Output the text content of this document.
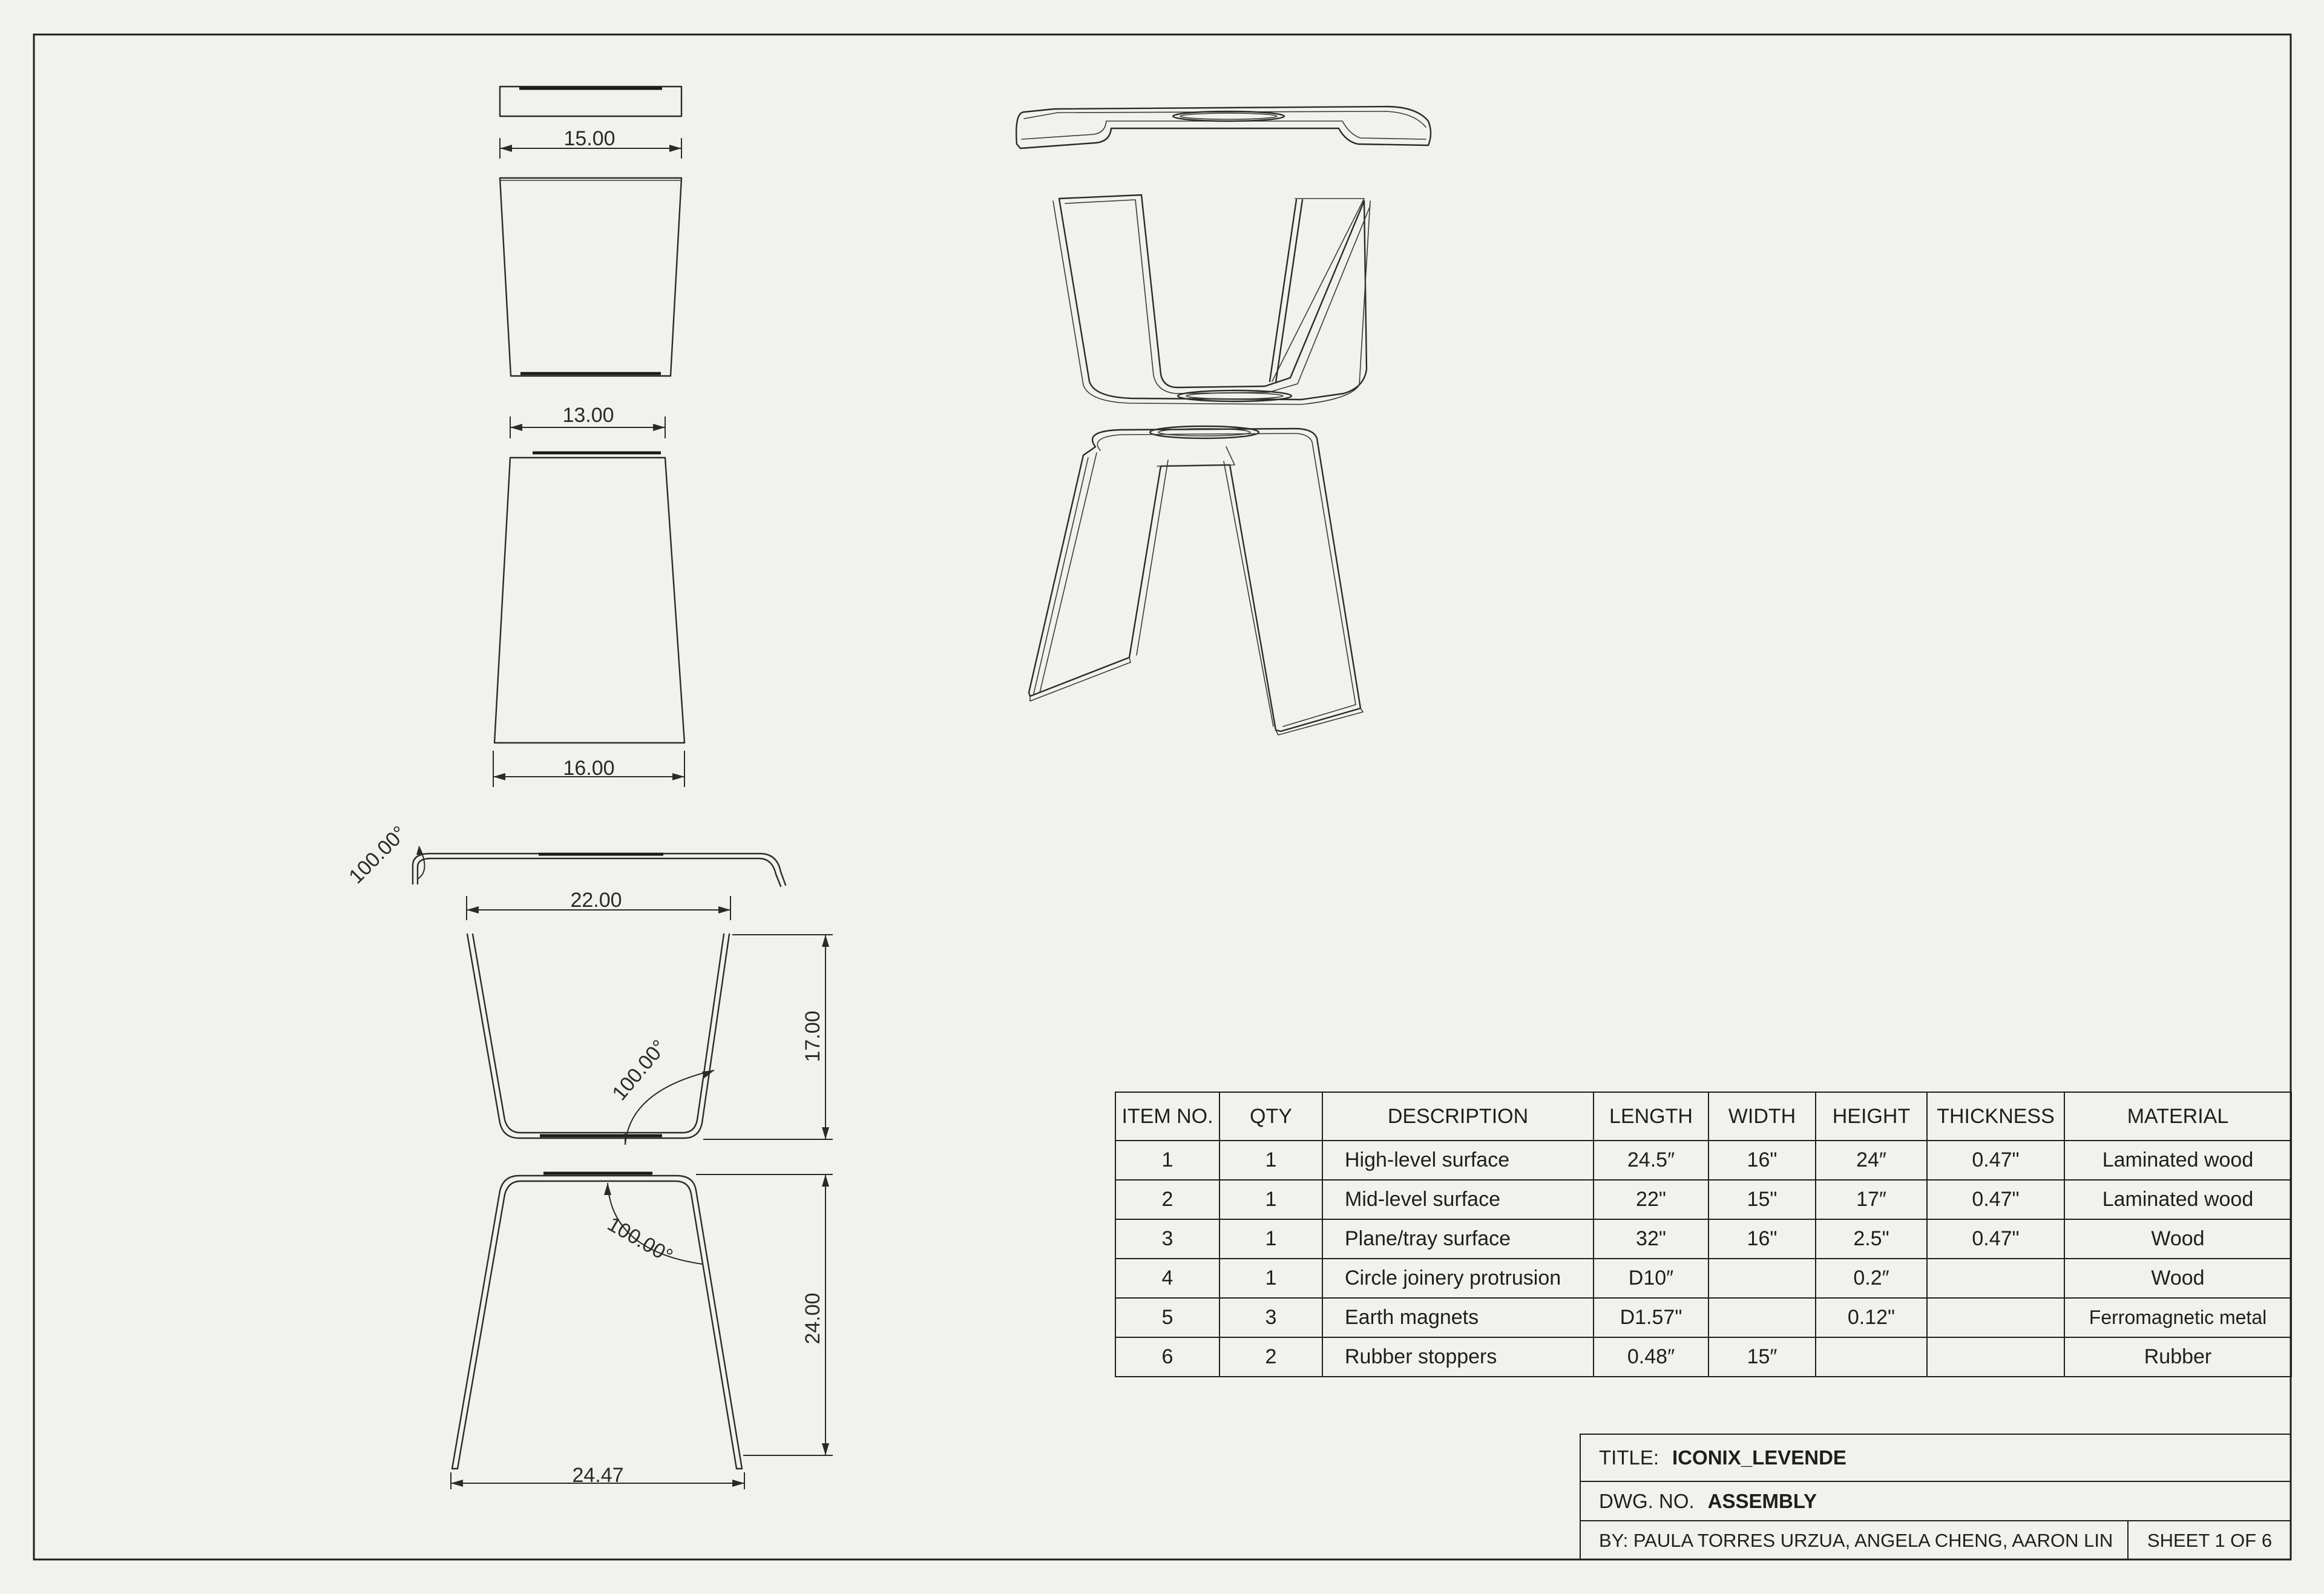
15.00
13.00
16.00
100.00°
22.00
17.00
100.00°
24.00
100.00°
24.47
ITEM NO.	QTY	DESCRIPTION	LENGTH	WIDTH	HEIGHT	THICKNESS	MATERIAL
1	1	High-level surface	24.5″	16"	24″	0.47"	Laminated wood
2	1	Mid-level surface	22"	15"	17″	0.47"	Laminated wood
3	1	Plane/tray surface	32"	16"	2.5"	0.47"	Wood
4	1	Circle joinery protrusion	D10″		0.2″		Wood
5	3	Earth magnets	D1.57"		0.12"		Ferromagnetic metal
6	2	Rubber stoppers	0.48″	15″			Rubber
TITLE: ICONIX_LEVENDE
DWG. NO. ASSEMBLY
BY: PAULA TORRES URZUA, ANGELA CHENG, AARON LIN	SHEET 1 OF 6
